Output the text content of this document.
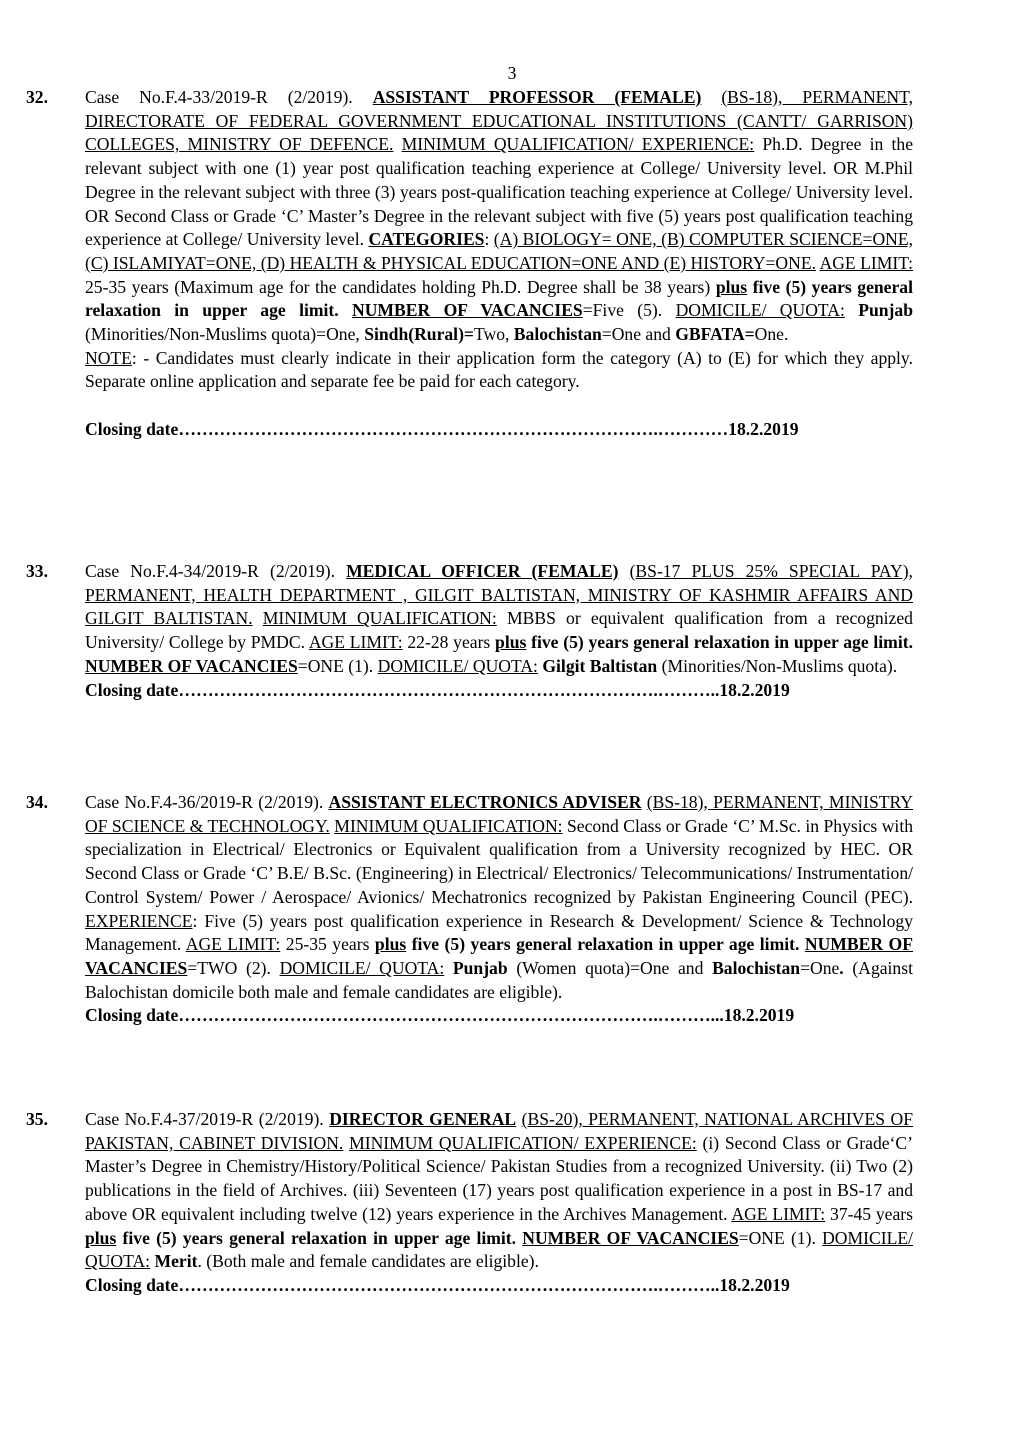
3
32. Case No.F.4-33/2019-R (2/2019). ASSISTANT PROFESSOR (FEMALE) (BS-18), PERMANENT, DIRECTORATE OF FEDERAL GOVERNMENT EDUCATIONAL INSTITUTIONS (CANTT/ GARRISON) COLLEGES, MINISTRY OF DEFENCE. MINIMUM QUALIFICATION/ EXPERIENCE: Ph.D. Degree in the relevant subject with one (1) year post qualification teaching experience at College/ University level. OR M.Phil Degree in the relevant subject with three (3) years post-qualification teaching experience at College/ University level. OR Second Class or Grade ‘C’ Master’s Degree in the relevant subject with five (5) years post qualification teaching experience at College/ University level. CATEGORIES: (A) BIOLOGY= ONE, (B) COMPUTER SCIENCE=ONE, (C) ISLAMIYAT=ONE, (D) HEALTH & PHYSICAL EDUCATION=ONE AND (E) HISTORY=ONE. AGE LIMIT: 25-35 years (Maximum age for the candidates holding Ph.D. Degree shall be 38 years) plus five (5) years general relaxation in upper age limit. NUMBER OF VACANCIES=Five (5). DOMICILE/ QUOTA: Punjab (Minorities/Non-Muslims quota)=One, Sindh(Rural)=Two, Balochistan=One and GBFATA=One.

NOTE: - Candidates must clearly indicate in their application form the category (A) to (E) for which they apply. Separate online application and separate fee be paid for each category.

Closing date……………………………………………………………………….…………18.2.2019
33. Case No.F.4-34/2019-R (2/2019). MEDICAL OFFICER (FEMALE) (BS-17 PLUS 25% SPECIAL PAY), PERMANENT, HEALTH DEPARTMENT , GILGIT BALTISTAN, MINISTRY OF KASHMIR AFFAIRS AND GILGIT BALTISTAN. MINIMUM QUALIFICATION: MBBS or equivalent qualification from a recognized University/ College by PMDC. AGE LIMIT: 22-28 years plus five (5) years general relaxation in upper age limit. NUMBER OF VACANCIES=ONE (1). DOMICILE/ QUOTA: Gilgit Baltistan (Minorities/Non-Muslims quota).
Closing date……………………………………………………………………….………..18.2.2019
34. Case No.F.4-36/2019-R (2/2019). ASSISTANT ELECTRONICS ADVISER (BS-18), PERMANENT, MINISTRY OF SCIENCE & TECHNOLOGY. MINIMUM QUALIFICATION: Second Class or Grade ‘C’ M.Sc. in Physics with specialization in Electrical/ Electronics or Equivalent qualification from a University recognized by HEC. OR Second Class or Grade ‘C’ B.E/ B.Sc. (Engineering) in Electrical/ Electronics/ Telecommunications/ Instrumentation/ Control System/ Power / Aerospace/ Avionics/ Mechatronics recognized by Pakistan Engineering Council (PEC). EXPERIENCE: Five (5) years post qualification experience in Research & Development/ Science & Technology Management. AGE LIMIT: 25-35 years plus five (5) years general relaxation in upper age limit. NUMBER OF VACANCIES=TWO (2). DOMICILE/ QUOTA: Punjab (Women quota)=One and Balochistan=One. (Against Balochistan domicile both male and female candidates are eligible).
Closing date……………………………………………………………………….………...18.2.2019
35. Case No.F.4-37/2019-R (2/2019). DIRECTOR GENERAL (BS-20), PERMANENT, NATIONAL ARCHIVES OF PAKISTAN, CABINET DIVISION. MINIMUM QUALIFICATION/ EXPERIENCE: (i) Second Class or Grade‘C’ Master’s Degree in Chemistry/History/Political Science/ Pakistan Studies from a recognized University. (ii) Two (2) publications in the field of Archives. (iii) Seventeen (17) years post qualification experience in a post in BS-17 and above OR equivalent including twelve (12) years experience in the Archives Management. AGE LIMIT: 37-45 years plus five (5) years general relaxation in upper age limit. NUMBER OF VACANCIES=ONE (1). DOMICILE/ QUOTA: Merit. (Both male and female candidates are eligible).
Closing date……………………………………………………………………….………..18.2.2019
